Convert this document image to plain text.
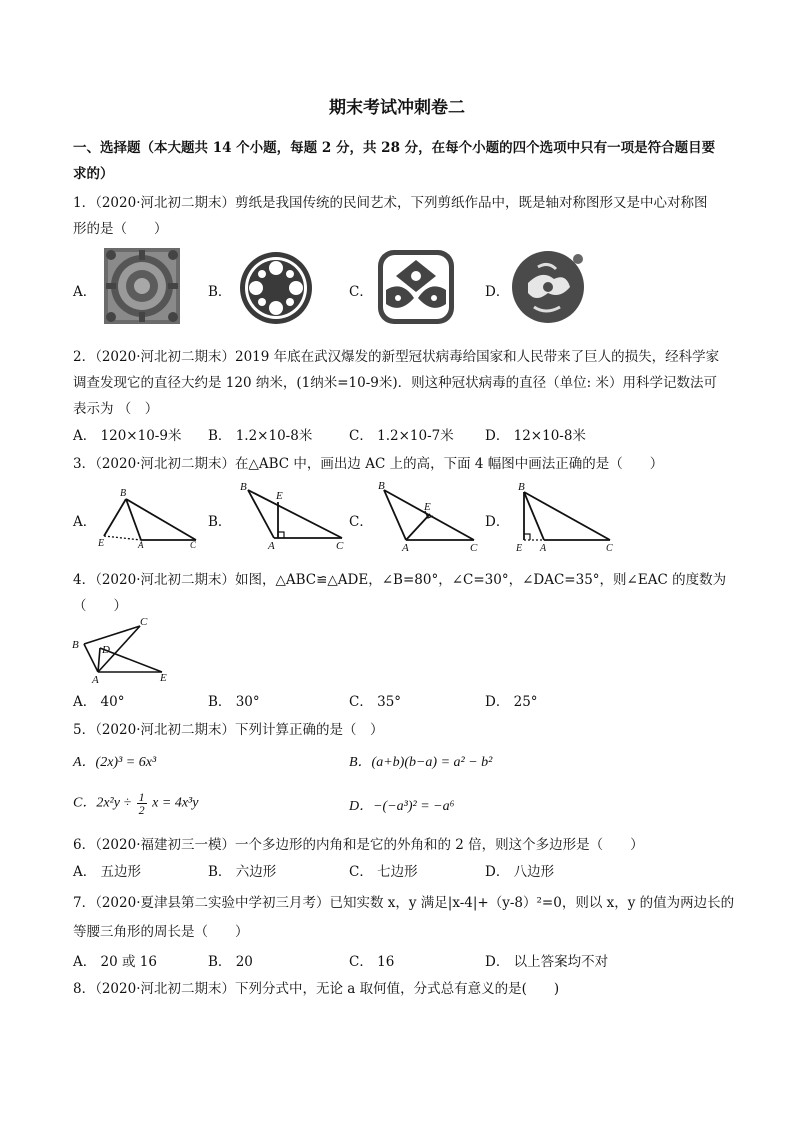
期末考试冲刺卷二
一、选择题（本大题共 14 个小题，每题 2 分，共 28 分，在每个小题的四个选项中只有一项是符合题目要
求的）
1．（2020·河北初二期末）剪纸是我国传统的民间艺术，下列剪纸作品中，既是轴对称图形又是中心对称图
形的是（　　）
A．	B．	C．	D．
2．（2020·河北初二期末）2019 年底在武汉爆发的新型冠状病毒给国家和人民带来了巨人的损失，经科学家
调查发现它的直径大约是 120 纳米，(1纳米=10-9米)．则这种冠状病毒的直径（单位: 米）用科学记数法可
表示为 （　）
A． 120×10-9米 B． 1.2×10-8米	C． 1.2×10-7米 D． 12×10-8米
3．（2020·河北初二期末）在△ABC 中，画出边 AC 上的高，下面 4 幅图中画法正确的是（　　）
A．
B
E	A	C
B．
B
E
A	C
C．
B
E
A	C
D．
B
E A	C
4．（2020·河北初二期末）如图，△ABC≌△ADE，∠B=80°，∠C=30°，∠DAC=35°，则∠EAC 的度数为
（　　）
C
B D
A	E
A． 40°	B． 30°	C． 35°	D． 25°
5．（2020·河北初二期末）下列计算正确的是（　）
A．(2x)³ = 6x³	B．(a+b)(b−a) = a² − b²
C．$2x^2y \div \frac{1}{2}$ x = 4x³y	D．−(−a³)² = −a⁶
6．（2020·福建初三一模）一个多边形的内角和是它的外角和的 2 倍，则这个多边形是（　　）
A． 五边形	B． 六边形	C． 七边形	D． 八边形
7．（2020·夏津县第二实验中学初三月考）已知实数 x，y 满足|x-4|+（y-8）²=0，则以 x，y 的值为两边长的
等腰三角形的周长是（　　）
A． 20 或 16	B． 20	C． 16	D． 以上答案均不对
8．（2020·河北初二期末）下列分式中，无论 a 取何值，分式总有意义的是(　　)
